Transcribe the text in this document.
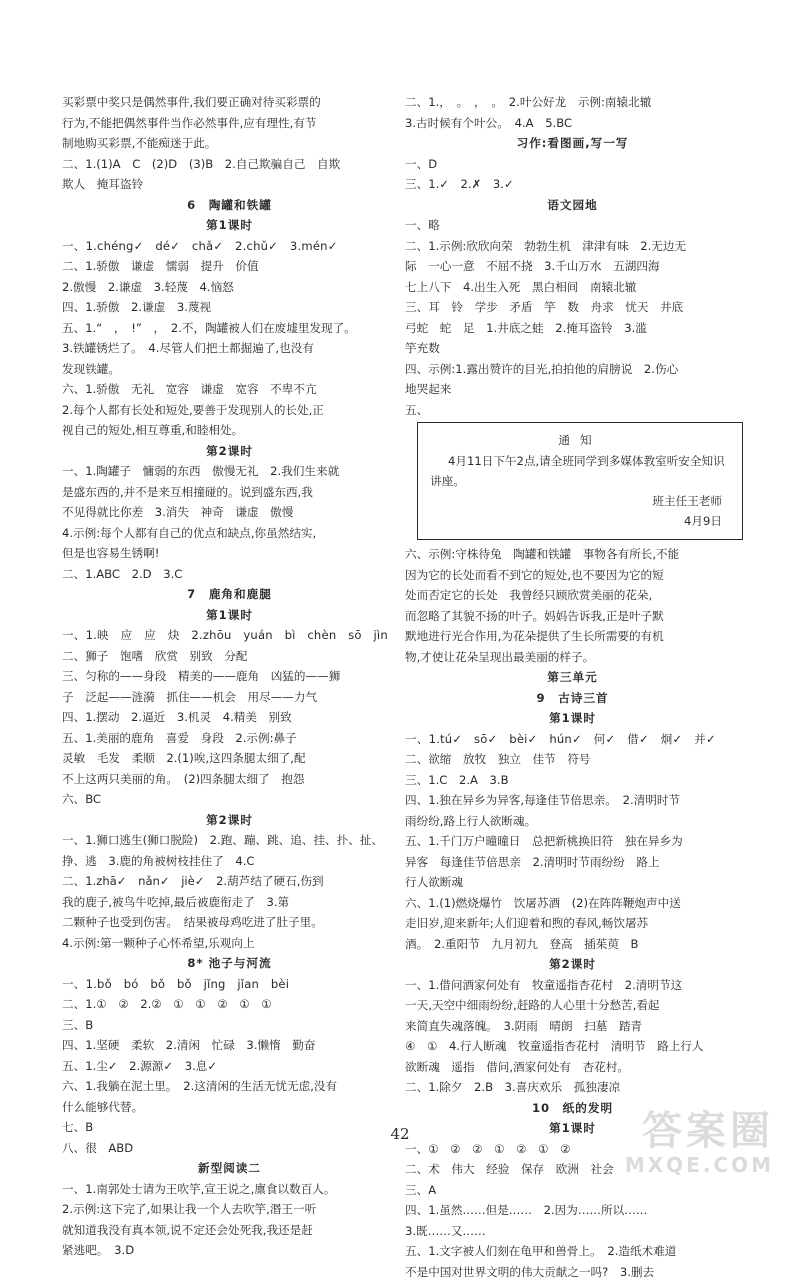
买彩票中奖只是偶然事件,我们要正确对待买彩票的
行为,不能把偶然事件当作必然事件,应有理性,有节
制地购买彩票,不能痴迷于此。
二、1.(1)A　C　(2)D　(3)B　2.自己欺骗自己　自欺
欺人　掩耳盗铃
6　陶罐和铁罐
第1课时
一、1.chéng✓　dé✓　chǎ✓　2.chǔ✓　3.mén✓
二、1.骄傲　谦虚　懦弱　提升　价值
2.傲慢　2.谦虚　3.轻蔑　4.恼怒
四、1.骄傲　2.谦虚　3.蔑视
五、1.“　，　!”　，　2.不，陶罐被人们在废墟里发现了。
3.铁罐锈烂了。　4.尽管人们把土都掘遍了,也没有
发现铁罐。
六、1.骄傲　无礼　宽容　谦虚　宽容　不卑不亢
2.每个人都有长处和短处,要善于发现别人的长处,正
视自己的短处,相互尊重,和睦相处。
第2课时
一、1.陶罐子　慵弱的东西　傲慢无礼　2.我们生来就
是盛东西的,并不是来互相撞碰的。说到盛东西,我
不见得就比你差　3.消失　神奇　谦虚　傲慢
4.示例:每个人都有自己的优点和缺点,你虽然结实,
但是也容易生锈啊!
二、1.ABC　2.D　3.C
7　鹿角和鹿腿
第1课时
一、1.映　应　应　炔　2.zhōu　yuán　bì　chèn　sō　jìn
二、狮子　饱嗜　欣赏　别致　分配
三、匀称的——身段　精美的——鹿角　凶猛的——狮
子　泛起——涟漪　抓住——机会　用尽——力气
四、1.摆动　2.逼近　3.机灵　4.精美　别致
五、1.美丽的鹿角　喜爱　身段　2.示例:鼻子
灵敏　毛发　柔顺　2.(1)唉,这四条腿太细了,配
不上这两只美丽的角。　(2)四条腿太细了　抱怨
六、BC
第2课时
一、1.狮口逃生(狮口脱险)　2.跑、蹦、跳、追、挂、扑、扯、
挣、逃　3.鹿的角被树枝挂住了　4.C
二、1.zhā✓　nǎn✓　jiè✓　2.葫芦结了硬石,伤到
我的鹿子,被鸟牛吃掉,最后被鹿衔走了　3.第
二颗种子也受到伤害。　结果被母鸡吃进了肚子里。
4.示例:第一颗种子心怀希望,乐观向上
8* 池子与河流
一、1.bǒ　bó　bǒ　bǒ　jǐng　jǐan　bèi
二、1.①　②　2.②　①　①　②　①　①
三、B
四、1.坚硬　柔软　2.清闲　忙碌　3.懒惰　勤奋
五、1.尘✓　2.源源✓　3.息✓
六、1.我躺在泥土里。　2.这清闲的生活无忧无虑,没有
什么能够代替。
七、B
八、很　ABD
新型阅读二
一、1.南郭处士请为王吹竽,宣王说之,廪食以数百人。
2.示例:这下完了,如果让我一个人去吹竽,湣王一听
就知道我没有真本领,说不定还会处死我,我还是赶
紧逃吧。　3.D
二、1.，　。　，　。　2.叶公好龙　示例:南辕北辙
3.古时候有个叶公。　4.A　5.BC
习作:看图画,写一写
一、D
三、1.✓　2.✗　3.✓
语文园地
一、略
二、1.示例:欣欣向荣　勃勃生机　津津有味　2.无边无
际　一心一意　不屈不挠　3.千山万水　五湖四海
七上八下　4.出生入死　黑白相间　南辕北辙
三、耳　铃　学步　矛盾　竽　数　舟求　忧天　井底
弓蛇　蛇　足　1.井底之蛙　2.掩耳盗铃　3.滥
竽充数
四、示例:1.露出赞许的目光,拍拍他的肩膀说　2.伤心
地哭起来
五、
通知
4月11日下午2点,请全班同学到多媒体教室听安全知识讲座。
班主任王老师
4月9日
六、示例:守株待兔　陶罐和铁罐　事物各有所长,不能
因为它的长处而看不到它的短处,也不要因为它的短
处而否定它的长处　我曾经只顾欣赏美丽的花朵,
而忽略了其貌不扬的叶子。妈妈告诉我,正是叶子默
默地进行光合作用,为花朵提供了生长所需要的有机
物,才使让花朵呈现出最美丽的样子。
第三单元
9　古诗三首
第1课时
一、1.tú✓　sō✓　bèi✓　hún✓　何✓　借✓　炯✓　并✓
二、欲缩　放牧　独立　佳节　符号
三、1.C　2.A　3.B
四、1.独在异乡为异客,每逢佳节倍思亲。　2.清明时节
雨纷纷,路上行人欲断魂。
五、1.千门万户曈曈日　总把新桃换旧符　独在异乡为
异客　每逢佳节倍思亲　2.清明时节雨纷纷　路上
行人欲断魂
六、1.(1)燃烧爆竹　饮屠苏酒　(2)在阵阵鞭炮声中送
走旧岁,迎来新年;人们迎着和煦的春风,畅饮屠苏
酒。　2.重阳节　九月初九　登高　插茱萸　B
第2课时
一、1.借问酒家何处有　牧童遥指杏花村　2.清明节这
一天,天空中细雨纷纷,赶路的人心里十分愁苦,看起
来简直失魂落魄。　3.阴雨　晴朗　扫墓　踏青
④　①　4.行人断魂　牧童遥指杏花村　清明节　路上行人
欲断魂　遥指　借问,酒家何处有　杏花村。
二、1.除夕　2.B　3.喜庆欢乐　孤独凄凉
10　纸的发明
第1课时
一、①　②　②　①　②　①　②
二、术　伟大　经验　保存　欧洲　社会
三、A
四、1.虽然……但是……　2.因为……所以……
3.既……又……
五、1.文字被人们刻在龟甲和兽骨上。　2.造纸术难道
不是中国对世界文明的伟大贡献之一吗?　3.删去
42	答案圈
MXQE.COM
